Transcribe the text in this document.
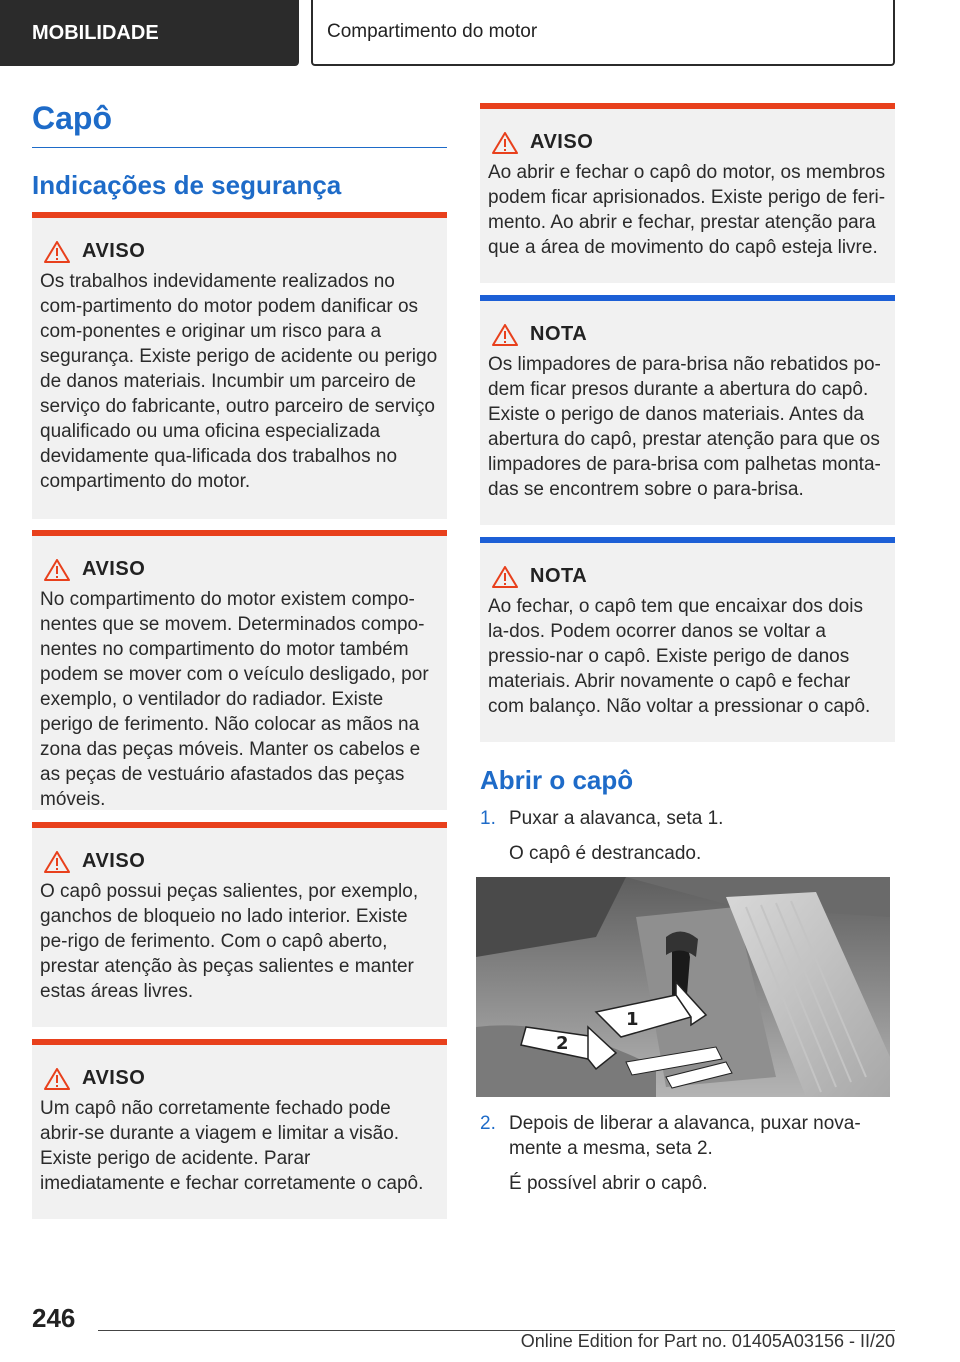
MOBILIDADE	Compartimento do motor
Capô
Indicações de segurança
AVISO

Os trabalhos indevidamente realizados no com-partimento do motor podem danificar os com-ponentes e originar um risco para a segurança. Existe perigo de acidente ou perigo de danos materiais. Incumbir um parceiro de serviço do fabricante, outro parceiro de serviço qualificado ou uma oficina especializada devidamente qua-lificada dos trabalhos no compartimento do motor.

AVISO

No compartimento do motor existem compo-nentes que se movem. Determinados compo-nentes no compartimento do motor também podem se mover com o veículo desligado, por exemplo, o ventilador do radiador. Existe perigo de ferimento. Não colocar as mãos na zona das peças móveis. Manter os cabelos e as peças de vestuário afastados das peças móveis.

AVISO

O capô possui peças salientes, por exemplo, ganchos de bloqueio no lado interior. Existe pe-rigo de ferimento. Com o capô aberto, prestar atenção às peças salientes e manter estas áreas livres.

AVISO

Um capô não corretamente fechado pode abrir-se durante a viagem e limitar a visão. Existe perigo de acidente. Parar imediatamente e fechar corretamente o capô.

AVISO

Ao abrir e fechar o capô do motor, os membros podem ficar aprisionados. Existe perigo de feri-mento. Ao abrir e fechar, prestar atenção para que a área de movimento do capô esteja livre.

NOTA

Os limpadores de para-brisa não rebatidos po-dem ficar presos durante a abertura do capô. Existe o perigo de danos materiais. Antes da abertura do capô, prestar atenção para que os limpadores de para-brisa com palhetas monta-das se encontrem sobre o para-brisa.

NOTA

Ao fechar, o capô tem que encaixar dos dois la-dos. Podem ocorrer danos se voltar a pressio-nar o capô. Existe perigo de danos materiais. Abrir novamente o capô e fechar com balanço. Não voltar a pressionar o capô.

Abrir o capô
1. Puxar a alavanca, seta 1.
O capô é destrancado.
1
2
2. Depois de liberar a alavanca, puxar nova-mente a mesma, seta 2.
É possível abrir o capô.
246
Online Edition for Part no. 01405A03156 - II/20
